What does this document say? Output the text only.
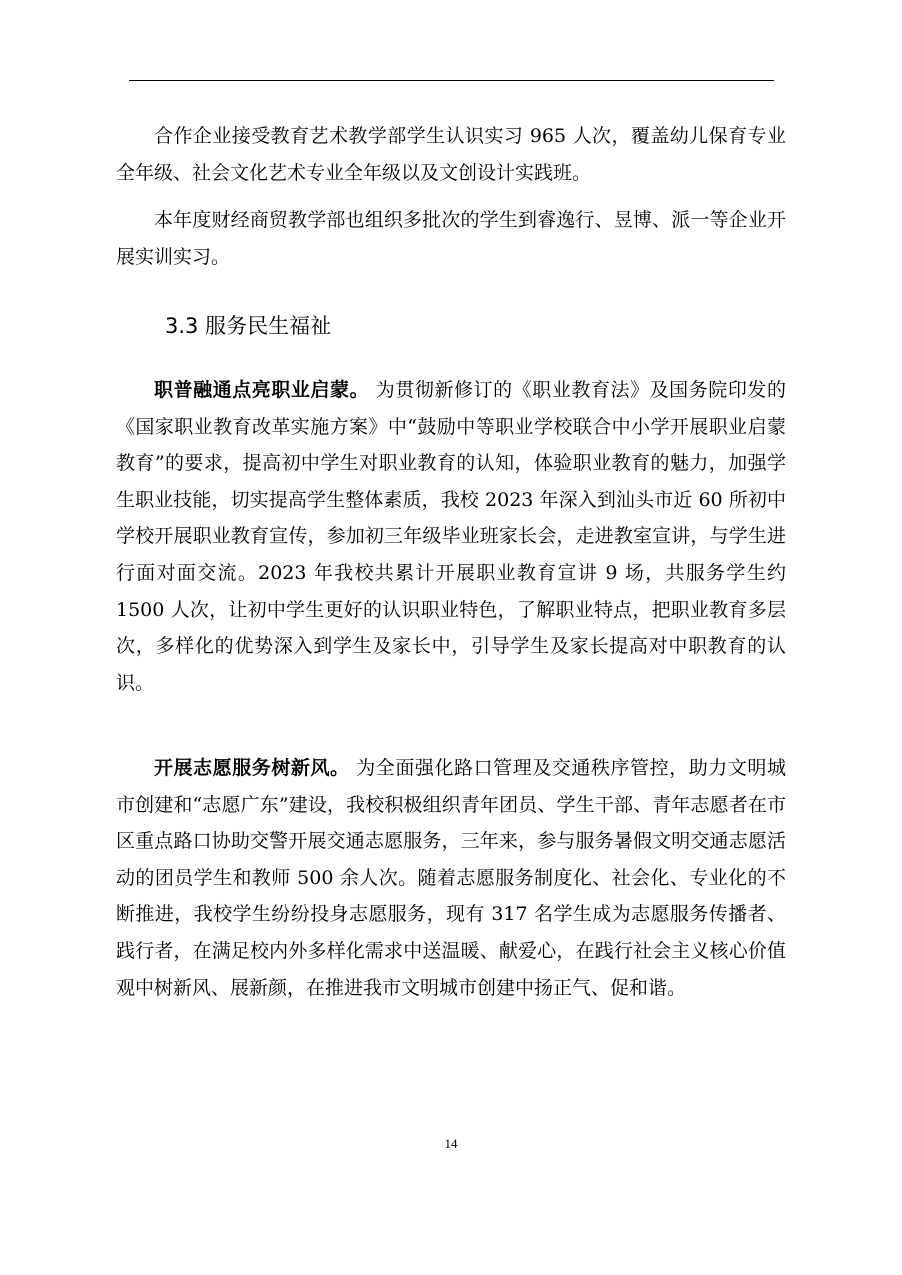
合作企业接受教育艺术教学部学生认识实习 965 人次，覆盖幼儿保育专业全年级、社会文化艺术专业全年级以及文创设计实践班。

本年度财经商贸教学部也组织多批次的学生到睿逸行、昱博、派一等企业开展实训实习。

3.3 服务民生福祉

职普融通点亮职业启蒙。 为贯彻新修订的《职业教育法》及国务院印发的《国家职业教育改革实施方案》中“鼓励中等职业学校联合中小学开展职业启蒙教育”的要求，提高初中学生对职业教育的认知，体验职业教育的魅力，加强学生职业技能，切实提高学生整体素质，我校 2023 年深入到汕头市近 60 所初中学校开展职业教育宣传，参加初三年级毕业班家长会，走进教室宣讲，与学生进行面对面交流。2023 年我校共累计开展职业教育宣讲 9 场，共服务学生约 1500 人次，让初中学生更好的认识职业特色，了解职业特点，把职业教育多层次，多样化的优势深入到学生及家长中，引导学生及家长提高对中职教育的认识。

开展志愿服务树新风。 为全面强化路口管理及交通秩序管控，助力文明城市创建和“志愿广东”建设，我校积极组织青年团员、学生干部、青年志愿者在市区重点路口协助交警开展交通志愿服务，三年来，参与服务暑假文明交通志愿活动的团员学生和教师 500 余人次。随着志愿服务制度化、社会化、专业化的不断推进，我校学生纷纷投身志愿服务，现有 317 名学生成为志愿服务传播者、践行者，在满足校内外多样化需求中送温暖、献爱心，在践行社会主义核心价值观中树新风、展新颜，在推进我市文明城市创建中扬正气、促和谐。

14
